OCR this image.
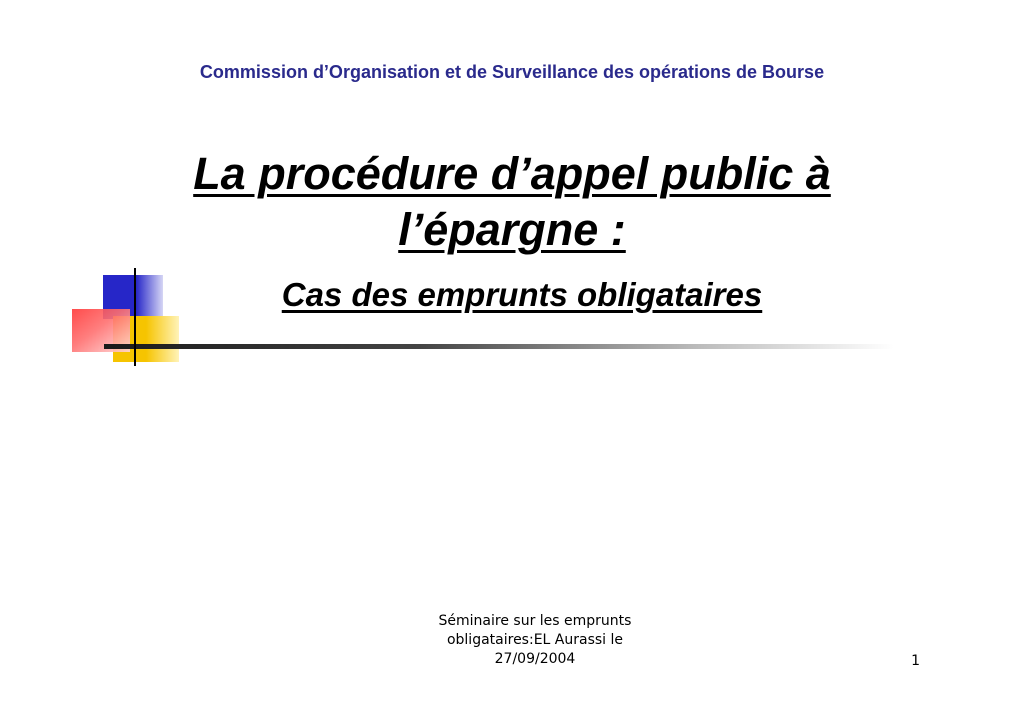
Commission d’Organisation et de Surveillance des opérations de Bourse
La procédure d’appel public à
l’épargne :
Cas des emprunts obligataires
Séminaire sur les emprunts
obligataires:EL Aurassi le
27/09/2004	1
